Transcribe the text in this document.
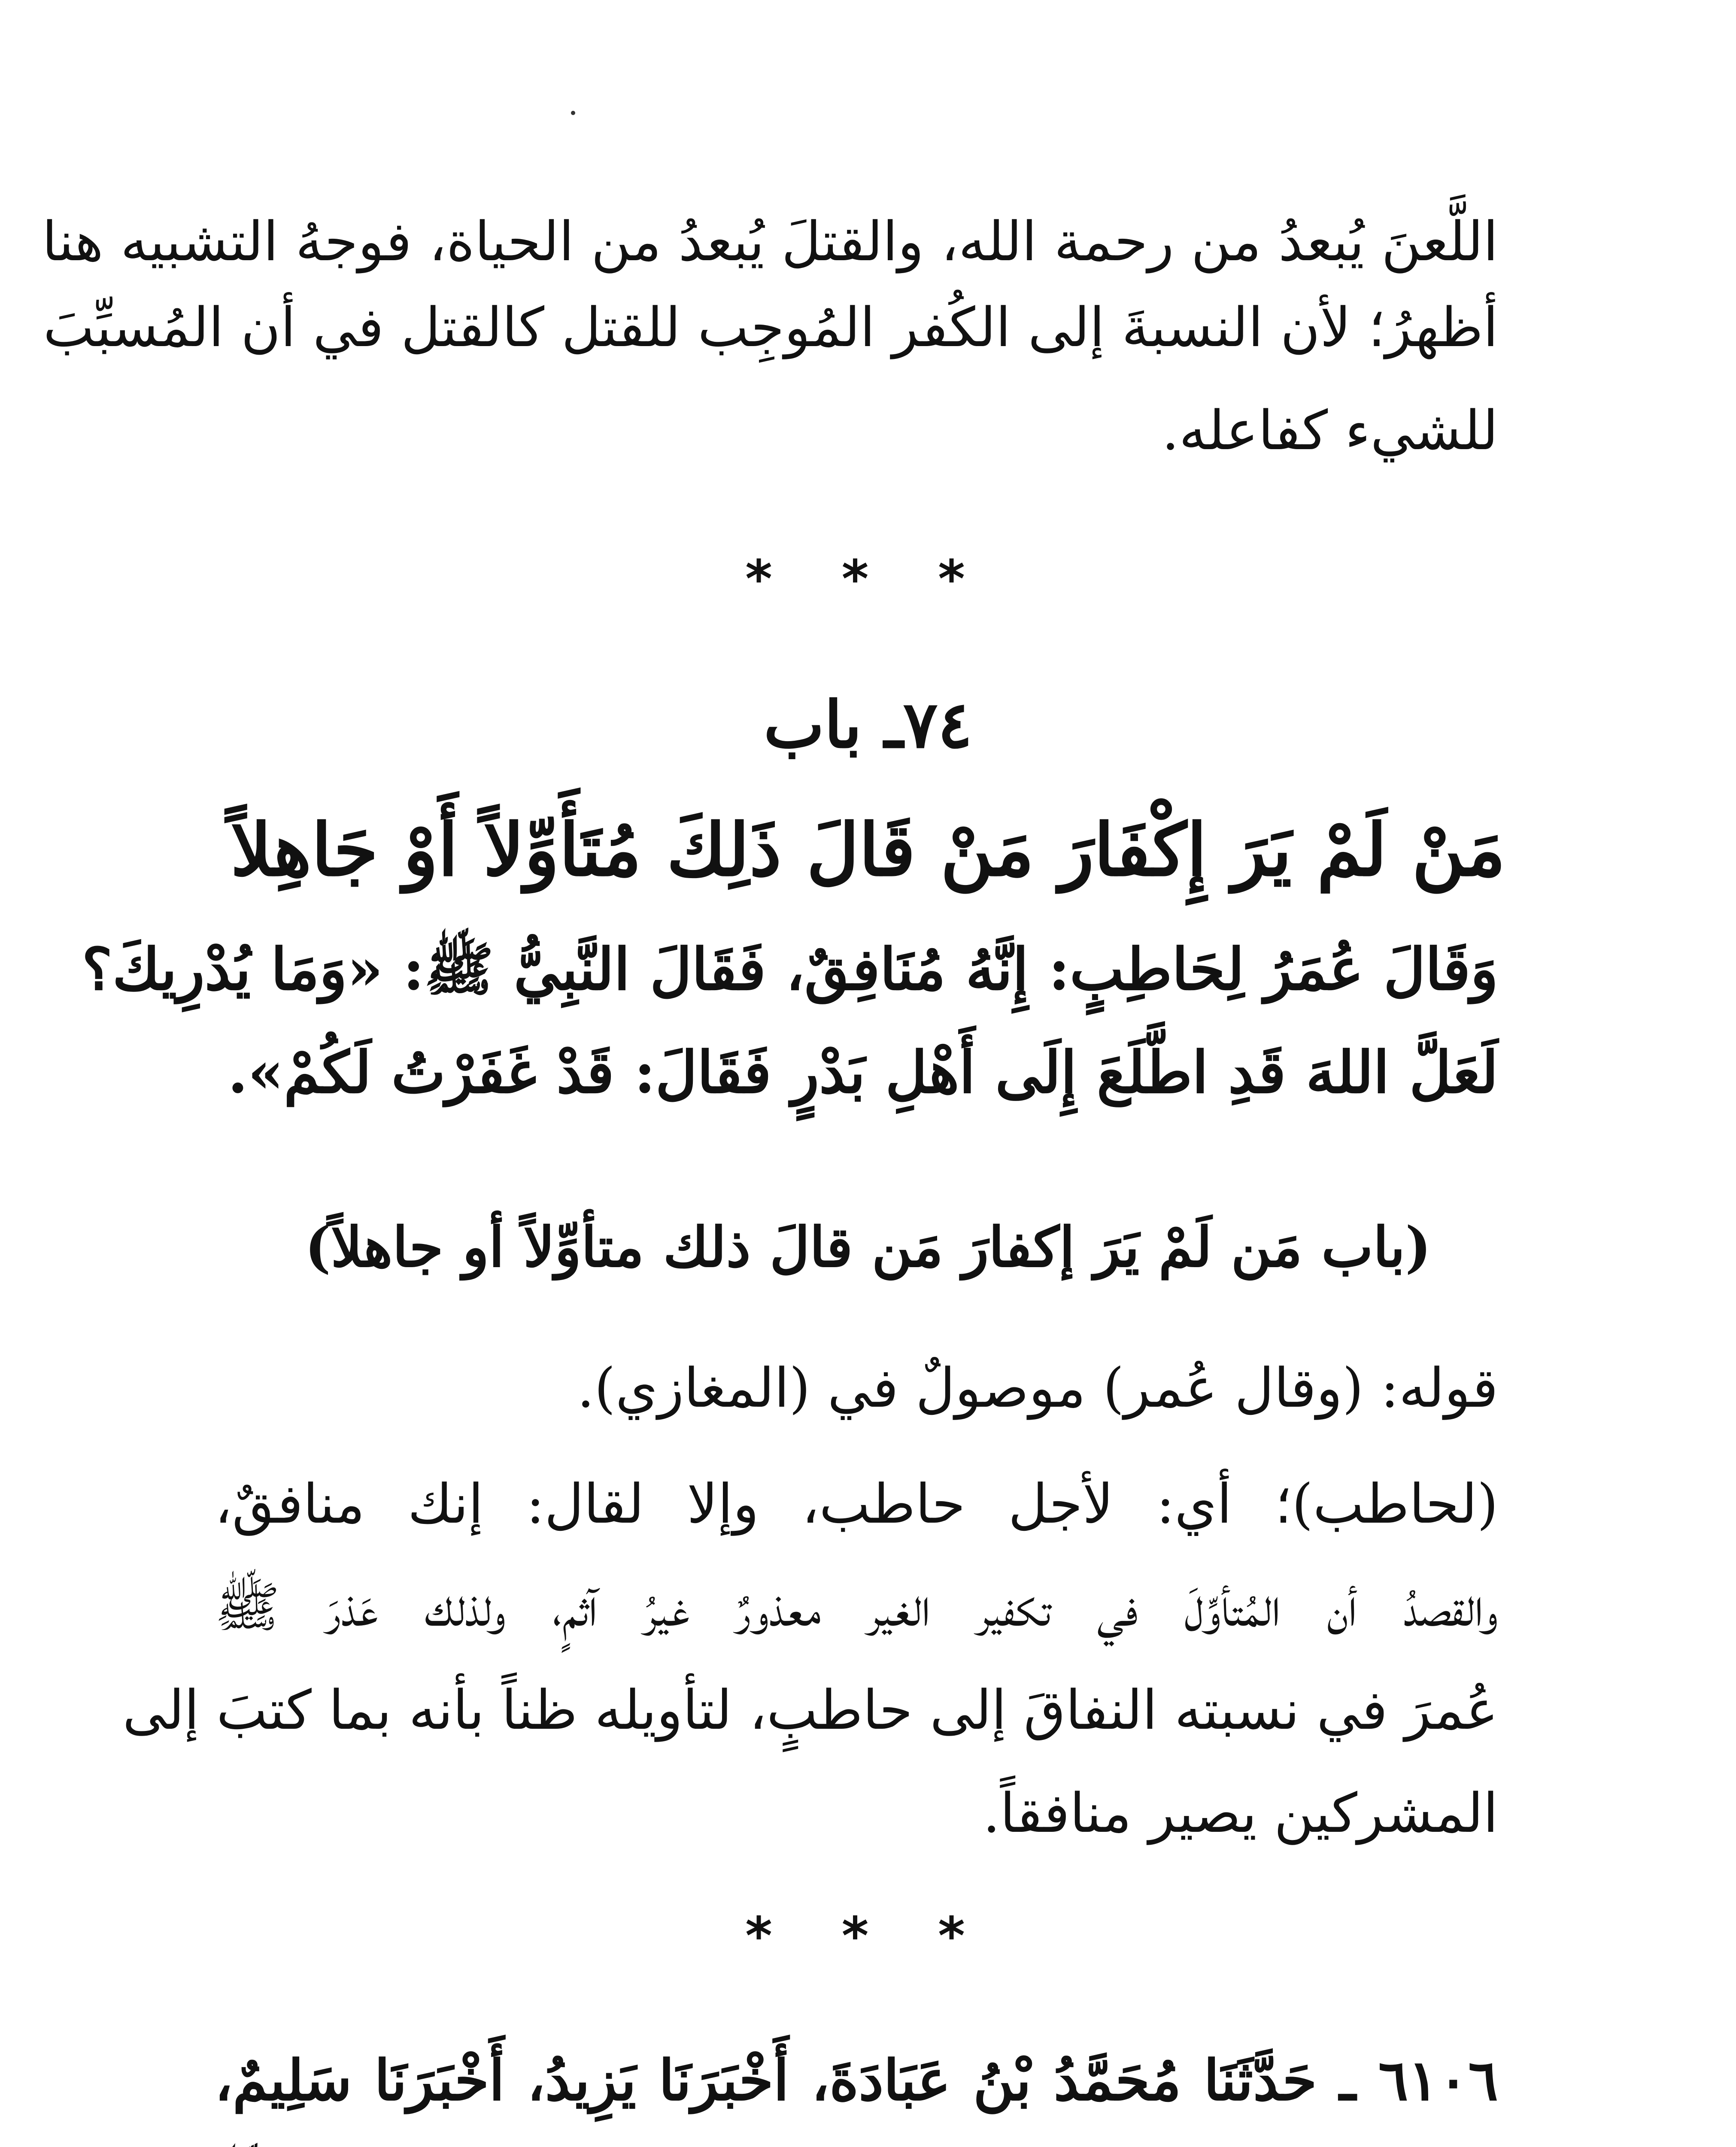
اللَّعنَ يُبعدُ من رحمة الله، والقتلَ يُبعدُ من الحياة، فوجهُ التشبيه هنا
أظهرُ؛ لأن النسبةَ إلى الكُفر المُوجِب للقتل كالقتل في أن المُسبِّبَ
للشيء كفاعله.
* * *
٧٤ـ باب
مَنْ لَمْ يَرَ إِكْفَارَ مَنْ قَالَ ذَلِكَ مُتَأَوِّلاً أَوْ جَاهِلاً
وَقَالَ عُمَرُ لِحَاطِبٍ: إِنَّهُ مُنَافِقٌ، فَقَالَ النَّبِيُّ ﷺ: «وَمَا يُدْرِيكَ؟
لَعَلَّ اللهَ قَدِ اطَّلَعَ إِلَى أَهْلِ بَدْرٍ فَقَالَ: قَدْ غَفَرْتُ لَكُمْ».
(باب مَن لَمْ يَرَ إكفارَ مَن قالَ ذلك متأوِّلاً أو جاهلاً)
قوله: (وقال عُمر) موصولٌ في (المغازي).
(لحاطب)؛ أي: لأجل حاطب، وإلا لقال: إنك منافقٌ،
والقصدُ أن المُتأوِّلَ في تكفير الغير معذورٌ غيرُ آثمٍ، ولذلك عَذرَ ﷺ
عُمرَ في نسبته النفاقَ إلى حاطبٍ، لتأويله ظناً بأنه بما كتبَ إلى
المشركين يصير منافقاً.
* * *
٦١٠٦ ـ حَدَّثَنَا مُحَمَّدُ بْنُ عَبَادَةَ، أَخْبَرَنَا يَزِيدُ، أَخْبَرَنَا سَلِيمٌ،
